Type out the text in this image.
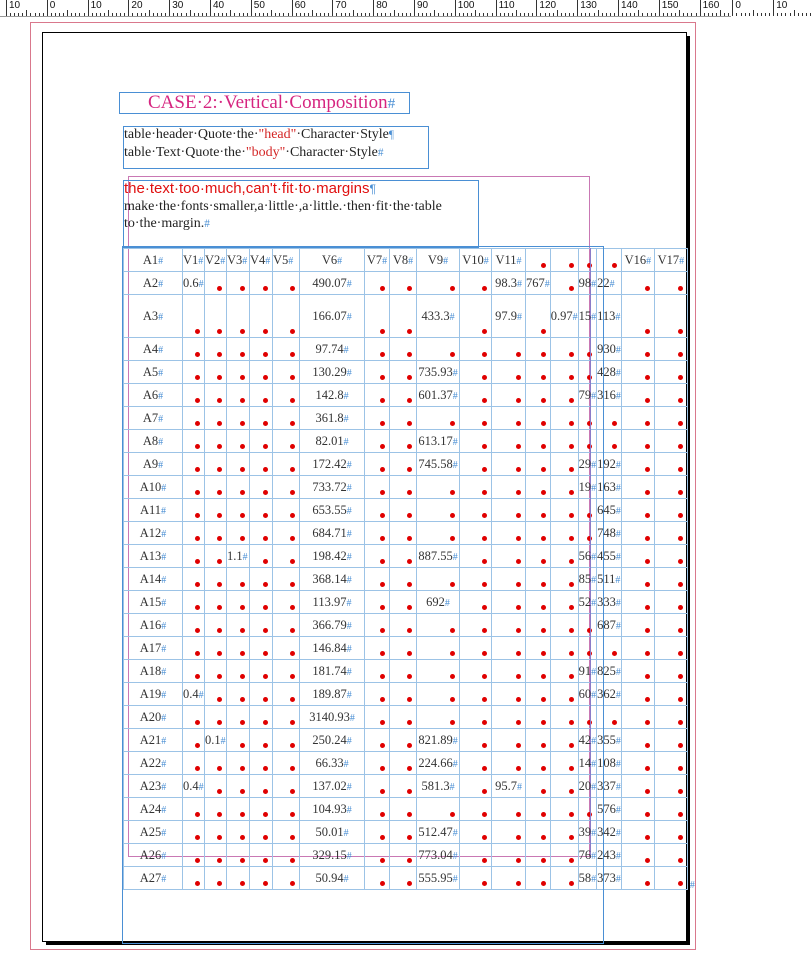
10	0	10	20	30	40	50	60	70	80	90	100 110 120 130 140 150 160 0	10
CASE·2:·Vertical·Composition#
table·header·Quote·the·"head"·Character·Style¶
table·Text·Quote·the·"body"·Character·Style#
the·text·too·much,can't·fit·to·margins¶
make·the·fonts·smaller,a·little·,a·little.·then·fit·the·table
to·the·margin.#
A1#	V1#	V2#	V3#	V4#	V5#	V6#	V7#	V8#	V9#	V10#	V11#					V16#	V17#
A2#	0.6#					490.07#					98.3#	767#		98#	22#	

A3#						166.07#			433.3#		97.9#		0.97#	15#	113#	

A4#						97.74#									930#	

A5#						130.29#			735.93#						428#	

A6#						142.8#			601.37#					79#	316#	

A7#						361.8#	

A8#						82.01#			613.17#	

A9#						172.42#			745.58#					29#	192#	

A10#						733.72#								19#	163#	

A11#						653.55#									645#	

A12#						684.71#									748#	

A13#			1.1#			198.42#			887.55#					56#	455#	

A14#						368.14#								85#	511#	

A15#						113.97#			692#					52#	333#	

A16#						366.79#									687#	

A17#						146.84#	

A18#						181.74#								91#	825#	

A19#	0.4#					189.87#								60#	362#	

A20#						3140.93#	

A21#		0.1#				250.24#			821.89#					42#	355#	

A22#						66.33#			224.66#					14#	108#	

A23#	0.4#					137.02#			581.3#		95.7#			20#	337#	

A24#						104.93#									576#	

A25#						50.01#			512.47#					39#	342#	

A26#						329.15#			773.04#					76#	243#	

A27#						50.94#			555.95#					58#	373#		#
